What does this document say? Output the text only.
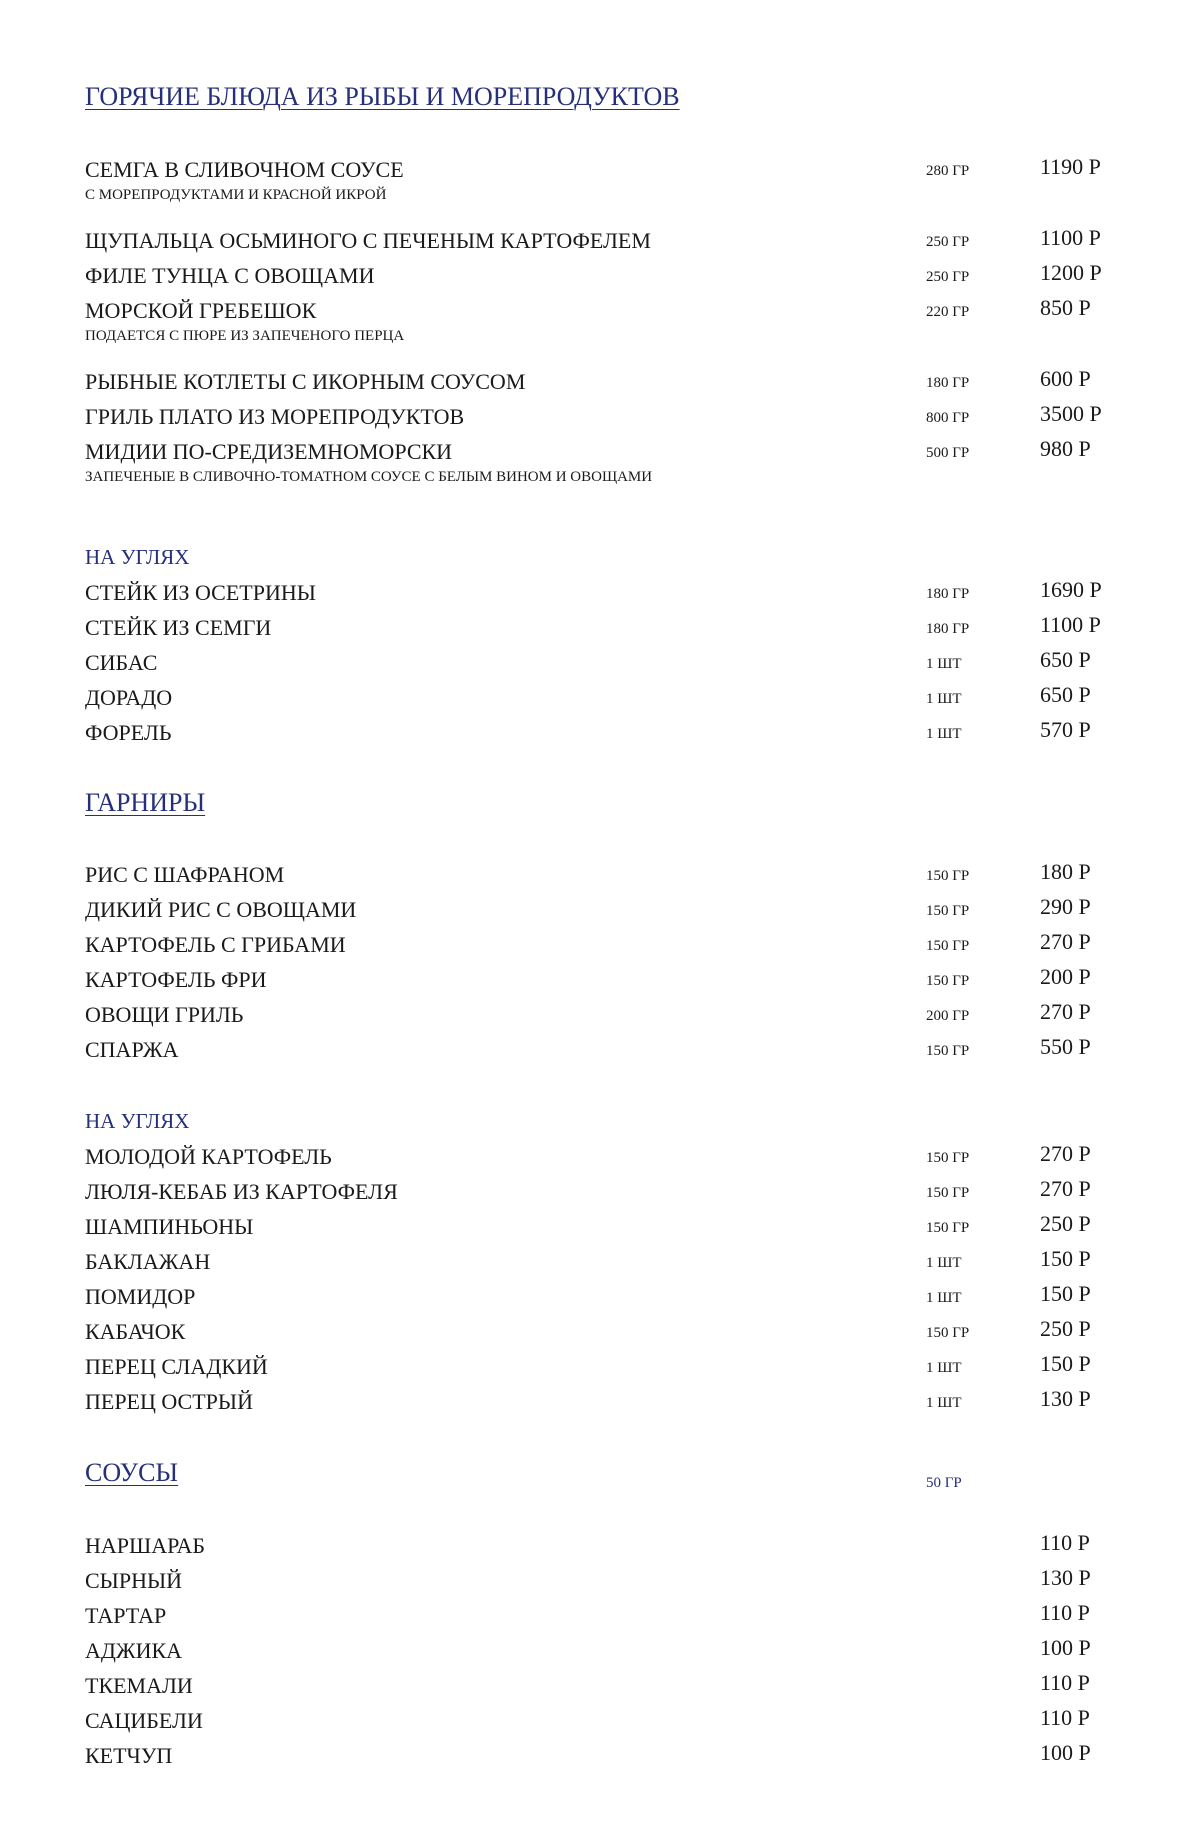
ГОРЯЧИЕ БЛЮДА ИЗ РЫБЫ И МОРЕПРОДУКТОВ
СЕМГА В СЛИВОЧНОМ СОУСЕ	280 ГР	1190 Р
С МОРЕПРОДУКТАМИ И КРАСНОЙ ИКРОЙ
ЩУПАЛЬЦА ОСЬМИНОГО С ПЕЧЕНЫМ КАРТОФЕЛЕМ	250 ГР	1100 Р
ФИЛЕ ТУНЦА С ОВОЩАМИ	250 ГР	1200 Р
МОРСКОЙ ГРЕБЕШОК	220 ГР	850 Р
ПОДАЕТСЯ С ПЮРЕ ИЗ ЗАПЕЧЕНОГО ПЕРЦА
РЫБНЫЕ КОТЛЕТЫ С ИКОРНЫМ СОУСОМ	180 ГР	600 Р
ГРИЛЬ ПЛАТО ИЗ МОРЕПРОДУКТОВ	800 ГР	3500 Р
МИДИИ ПО-СРЕДИЗЕМНОМОРСКИ	500 ГР	980 Р
ЗАПЕЧЕНЫЕ В СЛИВОЧНО-ТОМАТНОМ СОУСЕ С БЕЛЫМ ВИНОМ И ОВОЩАМИ
НА УГЛЯХ
СТЕЙК ИЗ ОСЕТРИНЫ	180 ГР	1690 Р
СТЕЙК ИЗ СЕМГИ	180 ГР	1100 Р
СИБАС	1 ШТ	650 Р
ДОРАДО	1 ШТ	650 Р
ФОРЕЛЬ	1 ШТ	570 Р
ГАРНИРЫ
РИС С ШАФРАНОМ	150 ГР	180 Р
ДИКИЙ РИС С ОВОЩАМИ	150 ГР	290 Р
КАРТОФЕЛЬ С ГРИБАМИ	150 ГР	270 Р
КАРТОФЕЛЬ ФРИ	150 ГР	200 Р
ОВОЩИ ГРИЛЬ	200 ГР	270 Р
СПАРЖА	150 ГР	550 Р
НА УГЛЯХ
МОЛОДОЙ КАРТОФЕЛЬ	150 ГР	270 Р
ЛЮЛЯ-КЕБАБ ИЗ КАРТОФЕЛЯ	150 ГР	270 Р
ШАМПИНЬОНЫ	150 ГР	250 Р
БАКЛАЖАН	1 ШТ	150 Р
ПОМИДОР	1 ШТ	150 Р
КАБАЧОК	150 ГР	250 Р
ПЕРЕЦ СЛАДКИЙ	1 ШТ	150 Р
ПЕРЕЦ ОСТРЫЙ	1 ШТ	130 Р
СОУСЫ	50 ГР
НАРШАРАБ	110 Р
СЫРНЫЙ	130 Р
ТАРТАР	110 Р
АДЖИКА	100 Р
ТКЕМАЛИ	110 Р
САЦИБЕЛИ	110 Р
КЕТЧУП	100 Р
